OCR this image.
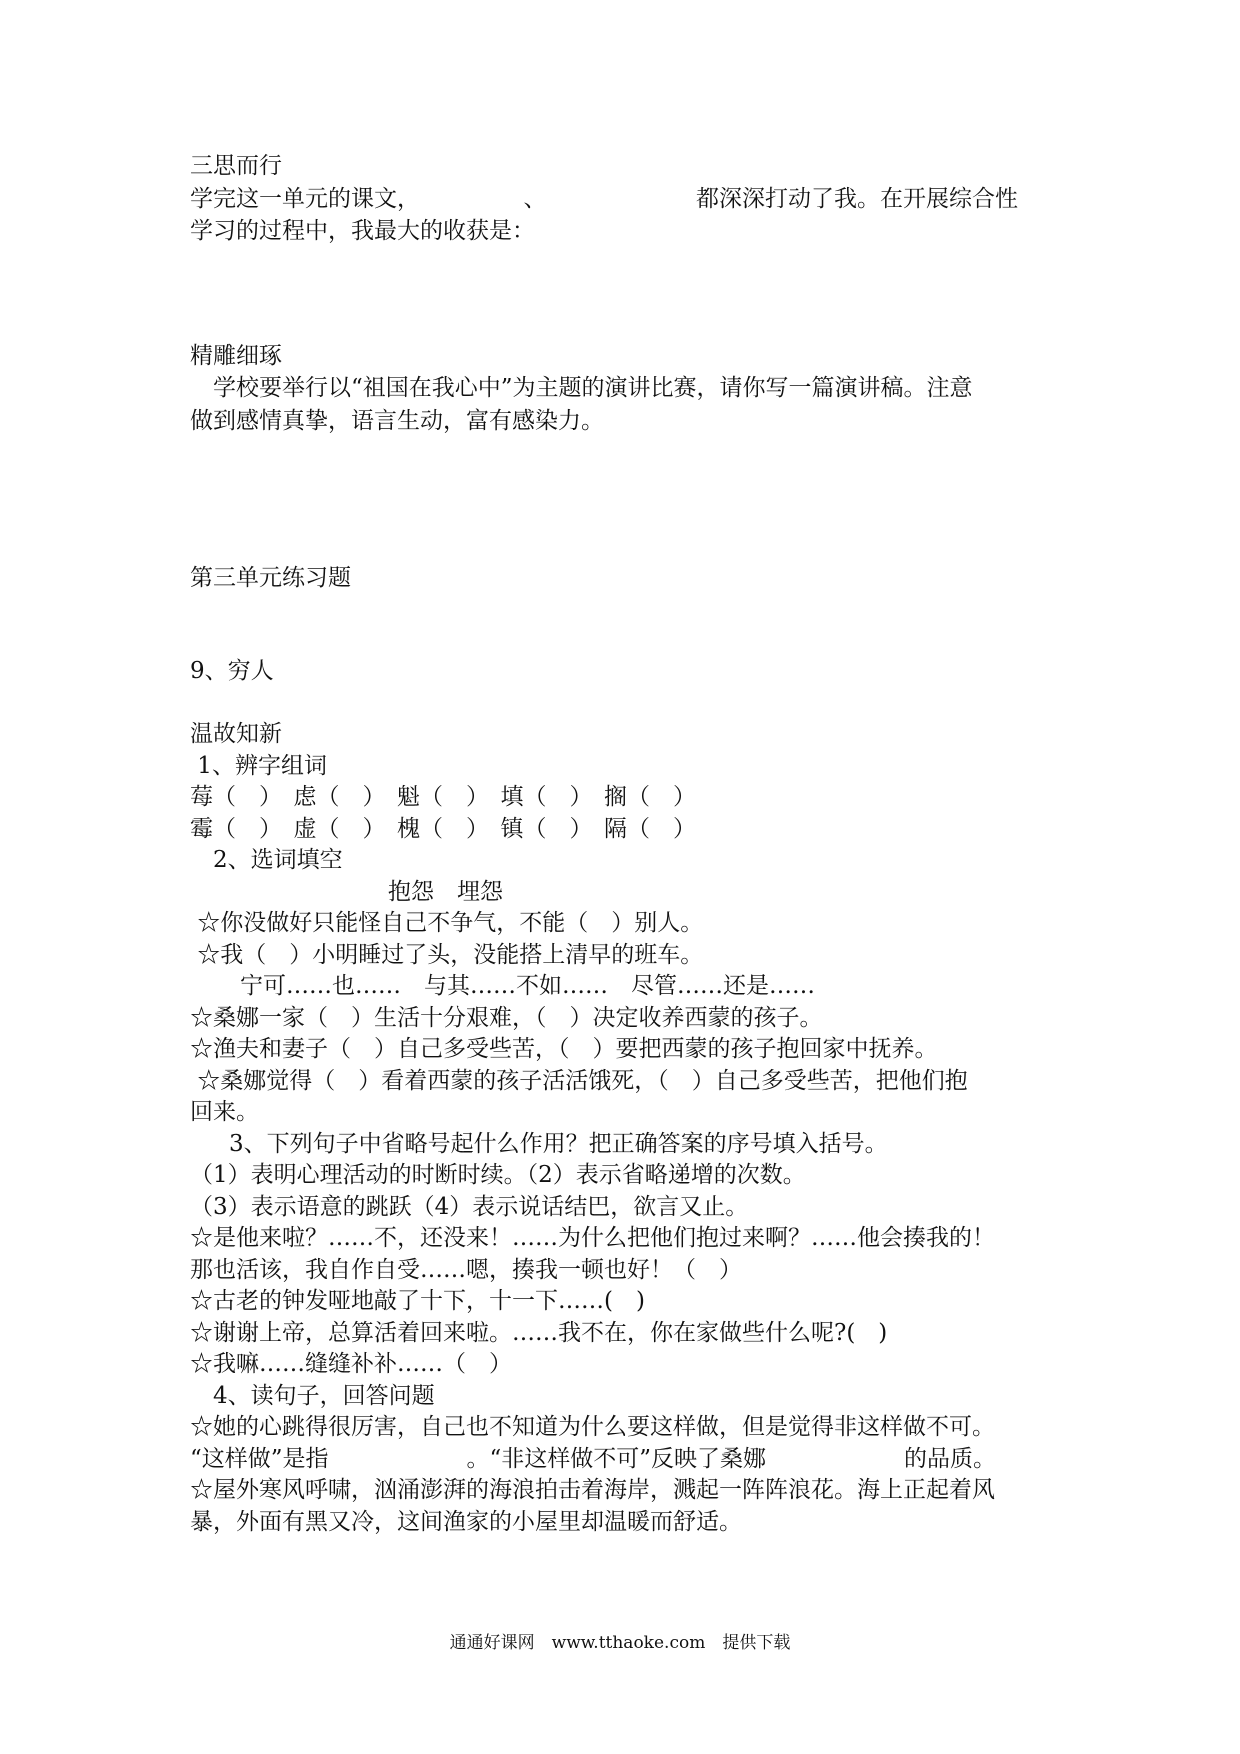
三思而行
学完这一单元的课文，　　　　　、　　　　　　　都深深打动了我。在开展综合性
学习的过程中，我最大的收获是：
精雕细琢
　学校要举行以“祖国在我心中”为主题的演讲比赛，请你写一篇演讲稿。注意
做到感情真挚，语言生动，富有感染力。
第三单元练习题
9、穷人
温故知新
1、辨字组词
莓（　）　虑（　）　魁（　）　填（　）　搁（　）
霉（　）　虚（　）　槐（　）　镇（　）　隔（　）
　2、选词填空
抱怨　埋怨
☆你没做好只能怪自己不争气，不能（　）别人。
☆我（　）小明睡过了头，没能搭上清早的班车。
宁可……也……　与其……不如……　尽管……还是……
☆桑娜一家（　）生活十分艰难，（　）决定收养西蒙的孩子。
☆渔夫和妻子（　）自己多受些苦，（　）要把西蒙的孩子抱回家中抚养。
☆桑娜觉得（　）看着西蒙的孩子活活饿死，（　）自己多受些苦，把他们抱
回来。
　3、下列句子中省略号起什么作用？把正确答案的序号填入括号。
（1）表明心理活动的时断时续。（2）表示省略递增的次数。
（3）表示语意的跳跃（4）表示说话结巴，欲言又止。
☆是他来啦？……不，还没来！……为什么把他们抱过来啊？……他会揍我的！
那也活该，我自作自受……嗯，揍我一顿也好！（　）
☆古老的钟发哑地敲了十下，十一下……(　)
☆谢谢上帝，总算活着回来啦。……我不在，你在家做些什么呢?(　)
☆我嘛……缝缝补补……（　）
　4、读句子，回答问题
☆她的心跳得很厉害，自己也不知道为什么要这样做，但是觉得非这样做不可。
“这样做”是指　　　　　　。“非这样做不可”反映了桑娜　　　　　　的品质。
☆屋外寒风呼啸，汹涌澎湃的海浪拍击着海岸，溅起一阵阵浪花。海上正起着风
暴，外面有黑又冷，这间渔家的小屋里却温暖而舒适。
通通好课网　www.tthaoke.com　提供下载
